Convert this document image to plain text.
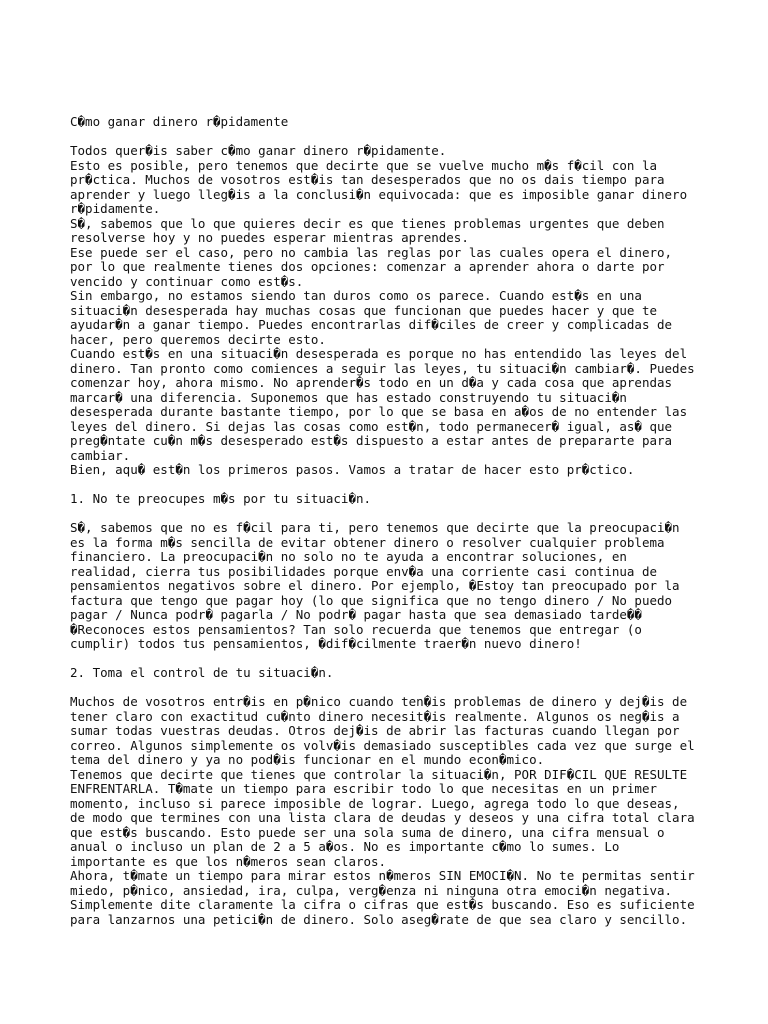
C�mo ganar dinero r�pidamente
Todos quer�is saber c�mo ganar dinero r�pidamente.
Esto es posible, pero tenemos que decirte que se vuelve mucho m�s f�cil con la
pr�ctica. Muchos de vosotros est�is tan desesperados que no os dais tiempo para
aprender y luego lleg�is a la conclusi�n equivocada: que es imposible ganar dinero
r�pidamente.
S�, sabemos que lo que quieres decir es que tienes problemas urgentes que deben
resolverse hoy y no puedes esperar mientras aprendes.
Ese puede ser el caso, pero no cambia las reglas por las cuales opera el dinero,
por lo que realmente tienes dos opciones: comenzar a aprender ahora o darte por
vencido y continuar como est�s.
Sin embargo, no estamos siendo tan duros como os parece. Cuando est�s en una
situaci�n desesperada hay muchas cosas que funcionan que puedes hacer y que te
ayudar�n a ganar tiempo. Puedes encontrarlas dif�ciles de creer y complicadas de
hacer, pero queremos decirte esto.
Cuando est�s en una situaci�n desesperada es porque no has entendido las leyes del
dinero. Tan pronto como comiences a seguir las leyes, tu situaci�n cambiar�. Puedes
comenzar hoy, ahora mismo. No aprender�s todo en un d�a y cada cosa que aprendas
marcar� una diferencia. Suponemos que has estado construyendo tu situaci�n
desesperada durante bastante tiempo, por lo que se basa en a�os de no entender las
leyes del dinero. Si dejas las cosas como est�n, todo permanecer� igual, as� que
preg�ntate cu�n m�s desesperado est�s dispuesto a estar antes de prepararte para
cambiar.
Bien, aqu� est�n los primeros pasos. Vamos a tratar de hacer esto pr�ctico.
1. No te preocupes m�s por tu situaci�n.
S�, sabemos que no es f�cil para ti, pero tenemos que decirte que la preocupaci�n
es la forma m�s sencilla de evitar obtener dinero o resolver cualquier problema
financiero. La preocupaci�n no solo no te ayuda a encontrar soluciones, en
realidad, cierra tus posibilidades porque env�a una corriente casi continua de
pensamientos negativos sobre el dinero. Por ejemplo, �Estoy tan preocupado por la
factura que tengo que pagar hoy (lo que significa que no tengo dinero / No puedo
pagar / Nunca podr� pagarla / No podr� pagar hasta que sea demasiado tarde��
�Reconoces estos pensamientos? Tan solo recuerda que tenemos que entregar (o
cumplir) todos tus pensamientos, �dif�cilmente traer�n nuevo dinero!
2. Toma el control de tu situaci�n.
Muchos de vosotros entr�is en p�nico cuando ten�is problemas de dinero y dej�is de
tener claro con exactitud cu�nto dinero necesit�is realmente. Algunos os neg�is a
sumar todas vuestras deudas. Otros dej�is de abrir las facturas cuando llegan por
correo. Algunos simplemente os volv�is demasiado susceptibles cada vez que surge el
tema del dinero y ya no pod�is funcionar en el mundo econ�mico.
Tenemos que decirte que tienes que controlar la situaci�n, POR DIF�CIL QUE RESULTE
ENFRENTARLA. T�mate un tiempo para escribir todo lo que necesitas en un primer
momento, incluso si parece imposible de lograr. Luego, agrega todo lo que deseas,
de modo que termines con una lista clara de deudas y deseos y una cifra total clara
que est�s buscando. Esto puede ser una sola suma de dinero, una cifra mensual o
anual o incluso un plan de 2 a 5 a�os. No es importante c�mo lo sumes. Lo
importante es que los n�meros sean claros.
Ahora, t�mate un tiempo para mirar estos n�meros SIN EMOCI�N. No te permitas sentir
miedo, p�nico, ansiedad, ira, culpa, verg�enza ni ninguna otra emoci�n negativa.
Simplemente dite claramente la cifra o cifras que est�s buscando. Eso es suficiente
para lanzarnos una petici�n de dinero. Solo aseg�rate de que sea claro y sencillo.
